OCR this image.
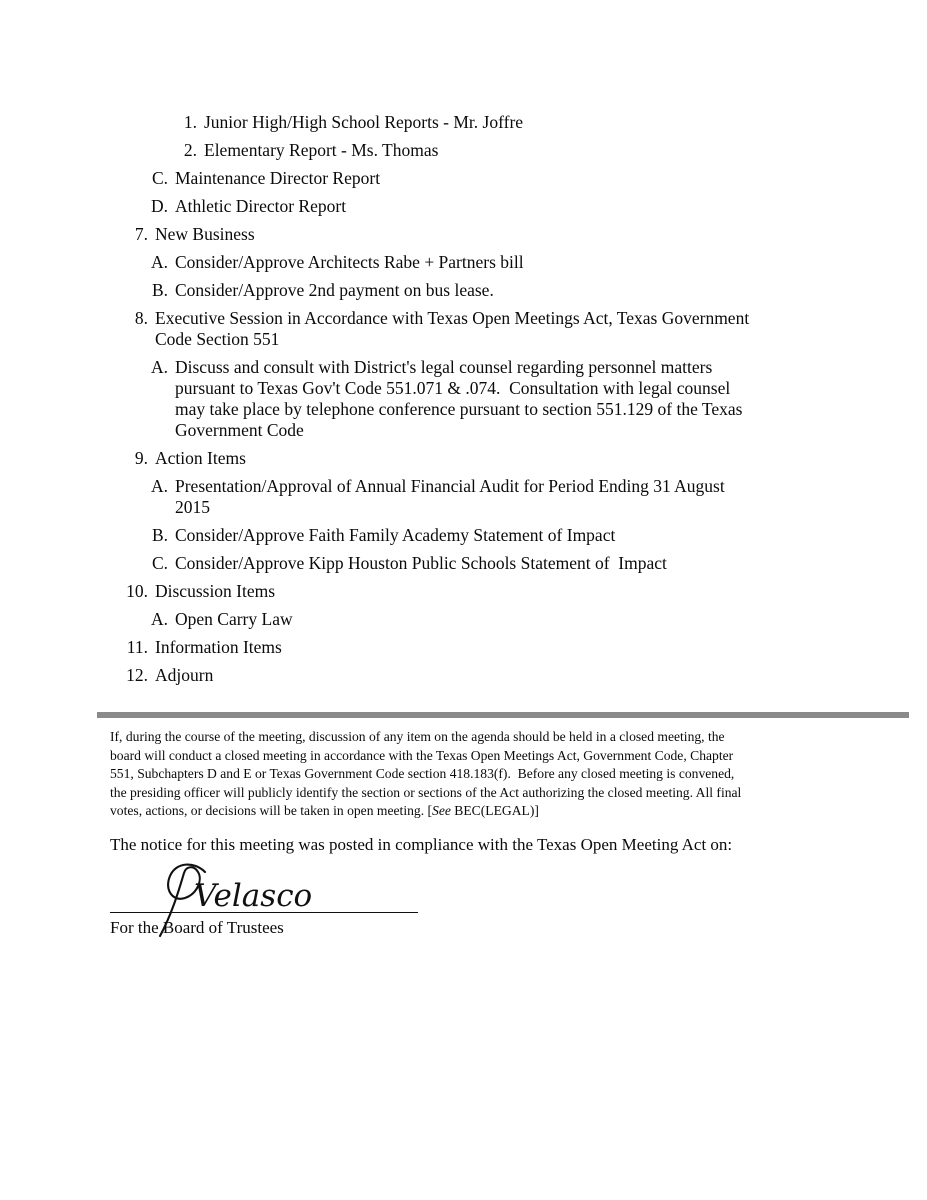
1. Junior High/High School Reports - Mr. Joffre
2. Elementary Report - Ms. Thomas
C. Maintenance Director Report
D. Athletic Director Report
7. New Business
A. Consider/Approve Architects Rabe + Partners bill
B. Consider/Approve 2nd payment on bus lease.
8. Executive Session in Accordance with Texas Open Meetings Act, Texas Government
Code Section 551
A. Discuss and consult with District's legal counsel regarding personnel matters
pursuant to Texas Gov't Code 551.071 & .074.  Consultation with legal counsel
may take place by telephone conference pursuant to section 551.129 of the Texas
Government Code
9. Action Items
A. Presentation/Approval of Annual Financial Audit for Period Ending 31 August
2015
B. Consider/Approve Faith Family Academy Statement of Impact
C. Consider/Approve Kipp Houston Public Schools Statement of  Impact
10. Discussion Items
A. Open Carry Law
11. Information Items
12. Adjourn
If, during the course of the meeting, discussion of any item on the agenda should be held in a closed meeting, the
board will conduct a closed meeting in accordance with the Texas Open Meetings Act, Government Code, Chapter
551, Subchapters D and E or Texas Government Code section 418.183(f).  Before any closed meeting is convened,
the presiding officer will publicly identify the section or sections of the Act authorizing the closed meeting. All final
votes, actions, or decisions will be taken in open meeting. [See BEC(LEGAL)]
The notice for this meeting was posted in compliance with the Texas Open Meeting Act on:
Velasco
For the Board of Trustees
